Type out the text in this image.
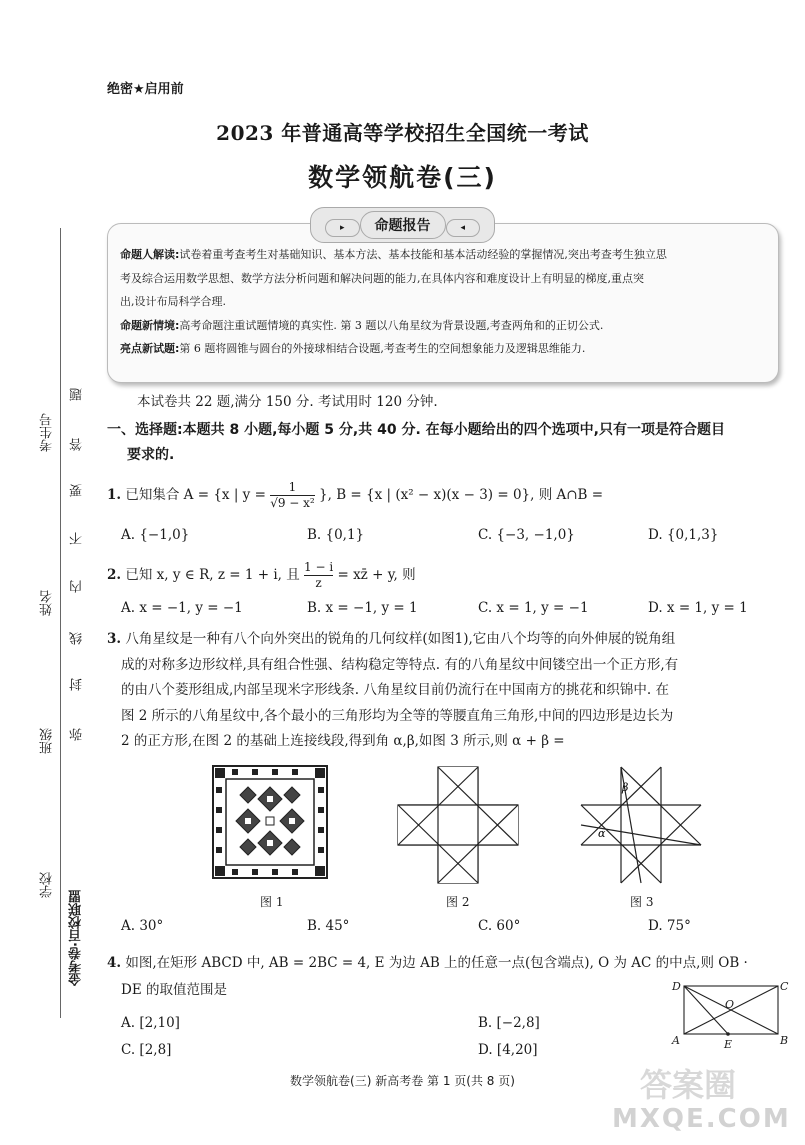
绝密★启用前
2023 年普通高等学校招生全国统一考试
数学领航卷(三)
▸命题报告	◂
命题人解读:试卷着重考查考生对基础知识、基本方法、基本技能和基本活动经验的掌握情况,突出考查考生独立思
考及综合运用数学思想、数学方法分析问题和解决问题的能力,在具体内容和难度设计上有明显的梯度,重点突
出,设计布局科学合理.
命题新情境:高考命题注重试题情境的真实性. 第 3 题以八角星纹为背景设题,考查两角和的正切公式.
亮点新试题:第 6 题将圆锥与圆台的外接球相结合设题,考查考生的空间想象能力及逻辑思维能力.
考生号
姓名
班级
学校
金考卷·百校联盟
题
答
要
不
内
线
封
弥
本试卷共 22 题,满分 150 分. 考试用时 120 分钟.
一、选择题:本题共 8 小题,每小题 5 分,共 40 分. 在每小题给出的四个选项中,只有一项是符合题目
要求的.
1. 已知集合 A = {x | $y = \frac{1}{\text{√9 − x²}}$ }, B = {x | (x² − x)(x − 3) = 0}, 则 A∩B =
A. {−1,0}	B. {0,1}	C. {−3, −1,0}	D. {0,1,3}
2. 已知 x, y ∈ R, z = 1 + i, 且 $\frac{1 - i}{z}$ = xz̄ + y, 则
A. x = −1, y = −1	B. x = −1, y = 1	C. x = 1, y = −1	D. x = 1, y = 1
3. 八角星纹是一种有八个向外突出的锐角的几何纹样(如图1),它由八个均等的向外伸展的锐角组
成的对称多边形纹样,具有组合性强、结构稳定等特点. 有的八角星纹中间镂空出一个正方形,有
的由八个菱形组成,内部呈现米字形线条. 八角星纹目前仍流行在中国南方的挑花和织锦中. 在
图 2 所示的八角星纹中,各个最小的三角形均为全等的等腰直角三角形,中间的四边形是边长为
2 的正方形,在图 2 的基础上连接线段,得到角 α,β,如图 3 所示,则 α + β =
α
β
图 1	图 2	图 3
A. 30°	B. 45°	C. 60°	D. 75°
4. 如图,在矩形 ABCD 中, AB = 2BC = 4, E 为边 AB 上的任意一点(包含端点), O 为 AC 的中点,则 OB ·
DE 的取值范围是
A. [2,10]	B. [−2,8]
C. [2,8]	D. [4,20]
D	C
A	B
O
E
数学领航卷(三) 新高考卷 第 1 页(共 8 页)	答案圈
MXQE.COM
